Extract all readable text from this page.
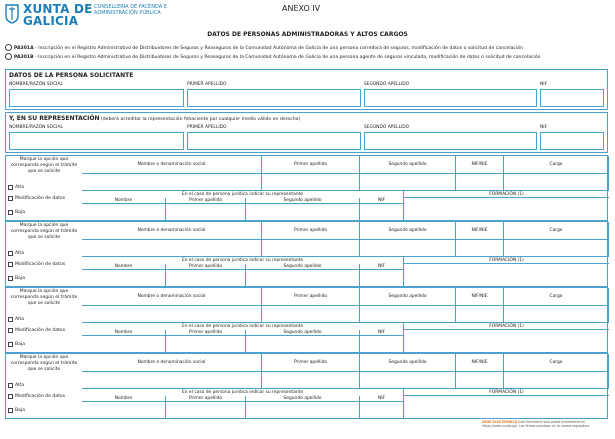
XUNTA DE GALICIA
CONSELLERÍA DE FACENDA E ADMINISTRACIÓN PÚBLICA	ANEXO IV
DATOS DE PERSONAS ADMINISTRADORAS Y ALTOS CARGOS
PA301A - Inscripción en el Registro Administrativo de Distribuidores de Seguros y Reaseguros de la Comunidad Autónoma de Galicia de una persona corredora de seguros, modificación de datos o solicitud de cancelación
PA301B - Inscripción en el Registro Administrativo de Distribuidores de Seguros y Reaseguros de la Comunidad Autónoma de Galicia de una persona agente de seguros vinculada, modificación de datos o solicitud de cancelación
DATOS DE LA PERSONA SOLICITANTE
NOMBRE/RAZÓN SOCIAL	PRIMER APELLIDO	SEGUNDO APELLIDO	NIF
Y, EN SU REPRESENTACIÓN (deberá acreditar la representación fehaciente por cualquier medio válido en derecho)
NOMBRE/RAZÓN SOCIAL	PRIMER APELLIDO	SEGUNDO APELLIDO	NIF
Marque la opción que corresponda según el trámite que se solicite
Nombre o denominación social	Primer apellido	Segundo apellido	NIF/NIE	Cargo
En el caso de persona jurídica indicar su representante	FORMACIÓN (1)
Nombre	Primer apellido	Segundo apellido	NIF
Alta
Modificación de datos
Baja
Marque la opción que corresponda según el trámite que se solicite
Nombre o denominación social	Primer apellido	Segundo apellido	NIF/NIE	Cargo
En el caso de persona jurídica indicar su representante	FORMACIÓN (1)
Nombre	Primer apellido	Segundo apellido	NIF
Alta
Modificación de datos
Baja
Marque la opción que corresponda según el trámite que se solicite
Nombre o denominación social	Primer apellido	Segundo apellido	NIF/NIE	Cargo
En el caso de persona jurídica indicar su representante	FORMACIÓN (1)
Nombre	Primer apellido	Segundo apellido	NIF
Alta
Modificación de datos
Baja
Marque la opción que corresponda según el trámite que se solicite
Nombre o denominación social	Primer apellido	Segundo apellido	NIF/NIE	Cargo
En el caso de persona jurídica indicar su representante	FORMACIÓN (1)
Nombre	Primer apellido	Segundo apellido	NIF
Alta
Modificación de datos
Baja
SEDE ELECTRÓNICA Este formulario solo podrá presentarse en https://sede.xunta.gal. Las firmas previstas en la norma reguladora
